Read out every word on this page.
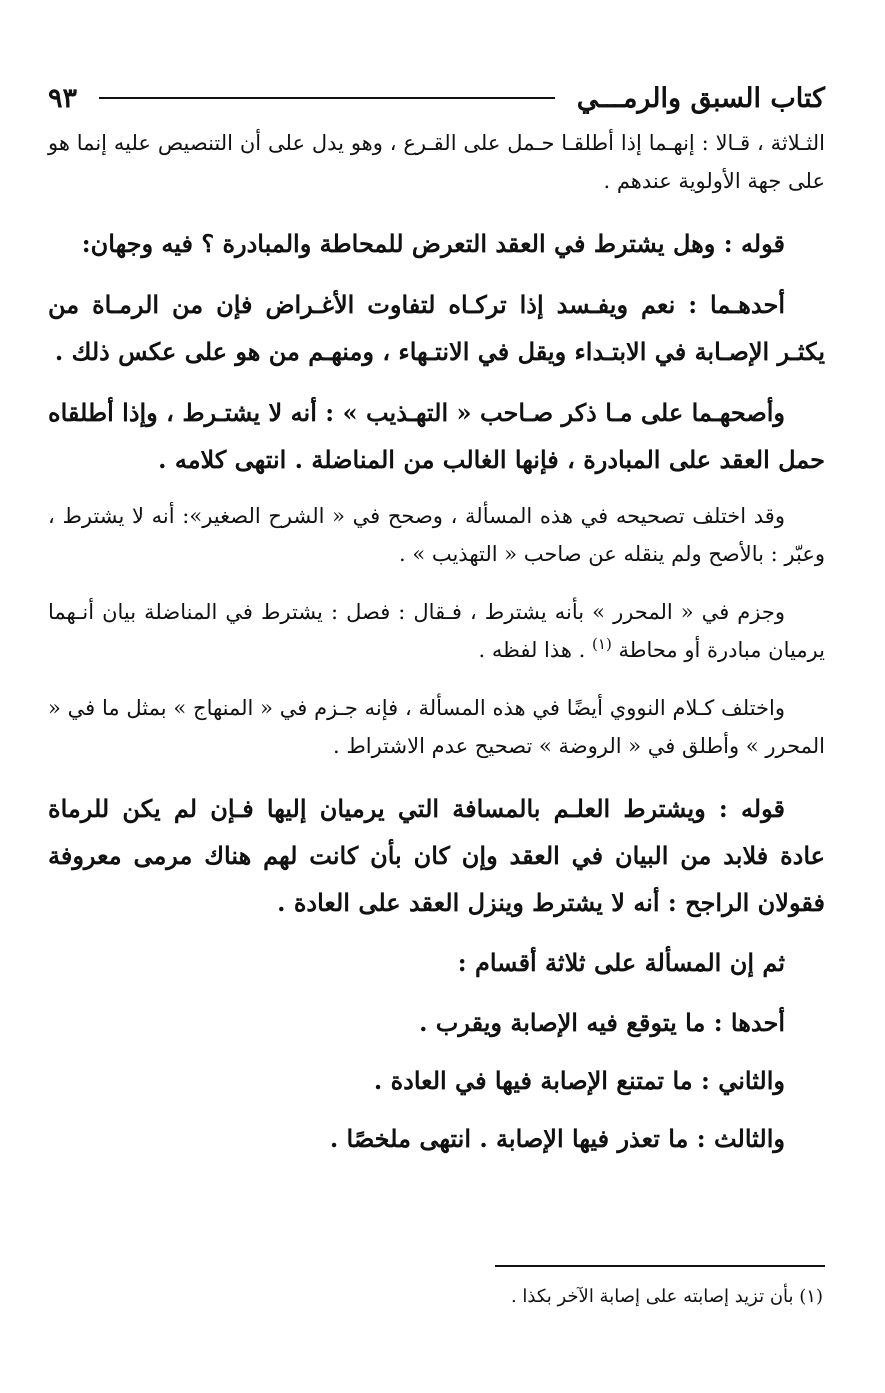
كتاب السبق والرمـــي
٩٣

الثـلاثة ، قـالا : إنهـما إذا أطلقـا حـمل على القـرع ، وهو يدل على أن التنصيص عليه إنما هو على جهة الأولوية عندهم .

قوله : وهل يشترط في العقد التعرض للمحاطة والمبادرة ؟ فيه وجهان:

أحدهـما : نعم ويفـسد إذا تركـاه لتفاوت الأغـراض فإن من الرمـاة من يكثـر الإصـابة في الابتـداء ويقل في الانتـهاء ، ومنهـم من هو على عكس ذلك .

وأصحهـما على مـا ذكر صـاحب « التهـذيب » : أنه لا يشتـرط ، وإذا أطلقاه حمل العقد على المبادرة ، فإنها الغالب من المناضلة . انتهى كلامه .

وقد اختلف تصحيحه في هذه المسألة ، وصحح في « الشرح الصغير»: أنه لا يشترط ، وعبّر : بالأصح ولم ينقله عن صاحب « التهذيب » .

وجزم في « المحرر » بأنه يشترط ، فـقال : فصل : يشترط في المناضلة بيان أنـهما يرميان مبادرة أو محاطة $^{(١)}$ . هذا لفظه .

واختلف كـلام النووي أيضًا في هذه المسألة ، فإنه جـزم في « المنهاج » بمثل ما في « المحرر » وأطلق في « الروضة » تصحيح عدم الاشتراط .

قوله : ويشترط العلـم بالمسافة التي يرميان إليها فـإن لم يكن للرماة عادة فلابد من البيان في العقد وإن كان بأن كانت لهم هناك مرمى معروفة فقولان الراجح : أنه لا يشترط وينزل العقد على العادة .

ثم إن المسألة على ثلاثة أقسام :

أحدها : ما يتوقع فيه الإصابة ويقرب .

والثاني : ما تمتنع الإصابة فيها في العادة .

والثالث : ما تعذر فيها الإصابة . انتهى ملخصًا .

(١) بأن تزيد إصابته على إصابة الآخر بكذا .
